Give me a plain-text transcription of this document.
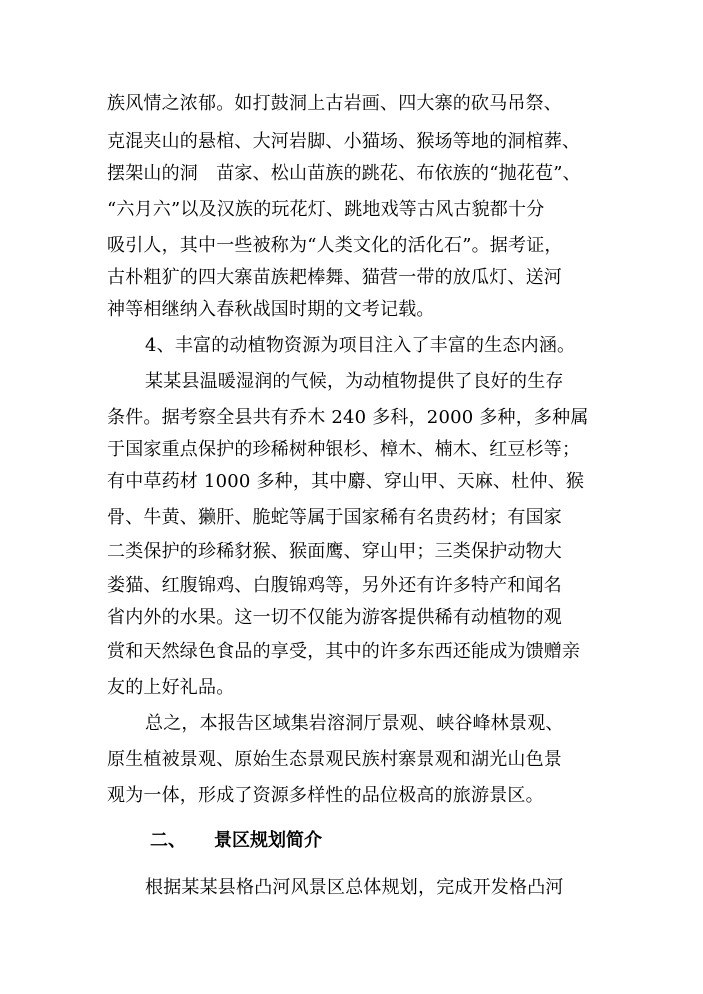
族风情之浓郁。如打鼓洞上古岩画、四大寨的砍马吊祭、
克混夹山的悬棺、大河岩脚、小猫场、猴场等地的洞棺葬、
摆架山的洞　苗家、松山苗族的跳花、布依族的“抛花苞”、
“六月六”以及汉族的玩花灯、跳地戏等古风古貌都十分
吸引人，其中一些被称为“人类文化的活化石”。据考证，
古朴粗犷的四大寨苗族耙棒舞、猫营一带的放瓜灯、送河
神等相继纳入春秋战国时期的文考记载。
4、丰富的动植物资源为项目注入了丰富的生态内涵。
某某县温暖湿润的气候，为动植物提供了良好的生存
条件。据考察全县共有乔木 240 多科，2000 多种，多种属
于国家重点保护的珍稀树种银杉、樟木、楠木、红豆杉等；
有中草药材 1000 多种，其中麝、穿山甲、天麻、杜仲、猴
骨、牛黄、獭肝、脆蛇等属于国家稀有名贵药材；有国家
二类保护的珍稀豺猴、猴面鹰、穿山甲；三类保护动物大
娄猫、红腹锦鸡、白腹锦鸡等，另外还有许多特产和闻名
省内外的水果。这一切不仅能为游客提供稀有动植物的观
赏和天然绿色食品的享受，其中的许多东西还能成为馈赠亲
友的上好礼品。
总之，本报告区域集岩溶洞厅景观、峡谷峰林景观、
原生植被景观、原始生态景观民族村寨景观和湖光山色景
观为一体，形成了资源多样性的品位极高的旅游景区。
二、 景区规划简介
根据某某县格凸河风景区总体规划，完成开发格凸河
